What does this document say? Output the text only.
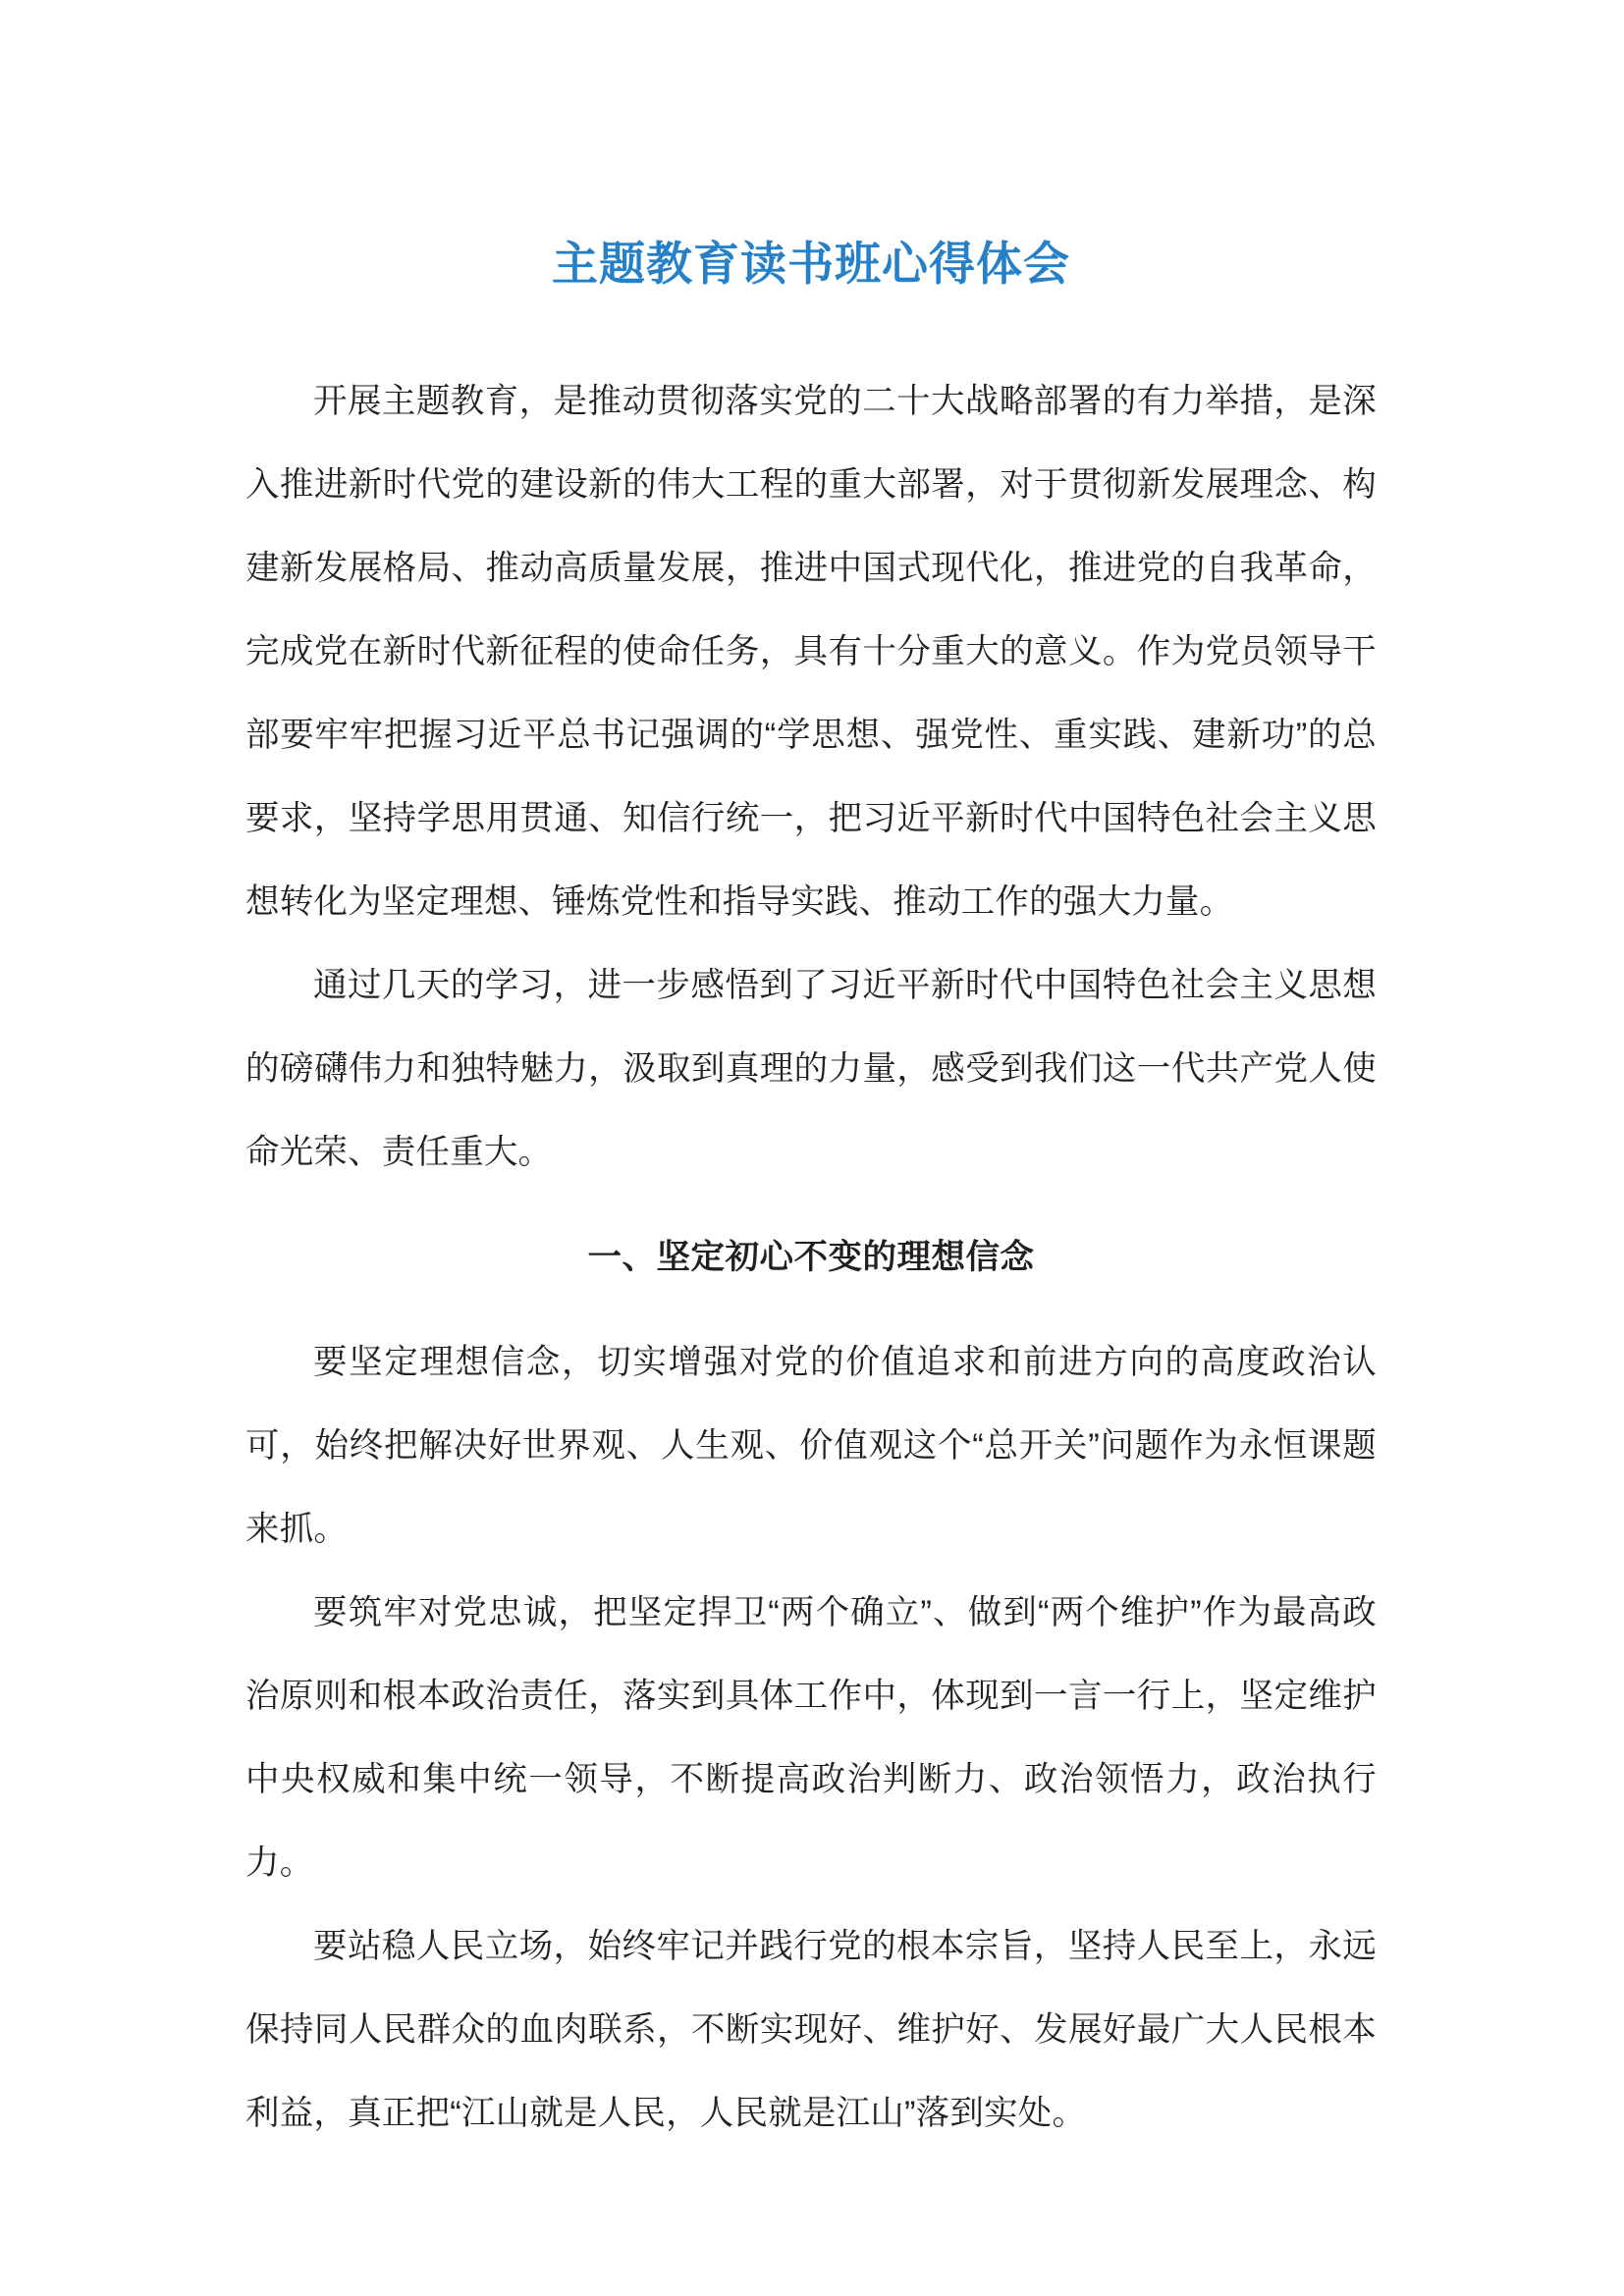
主题教育读书班心得体会

开展主题教育，是推动贯彻落实党的二十大战略部署的有力举措，是深入推进新时代党的建设新的伟大工程的重大部署，对于贯彻新发展理念、构建新发展格局、推动高质量发展，推进中国式现代化，推进党的自我革命，完成党在新时代新征程的使命任务，具有十分重大的意义。作为党员领导干部要牢牢把握习近平总书记强调的“学思想、强党性、重实践、建新功”的总要求，坚持学思用贯通、知信行统一，把习近平新时代中国特色社会主义思想转化为坚定理想、锤炼党性和指导实践、推动工作的强大力量。

通过几天的学习，进一步感悟到了习近平新时代中国特色社会主义思想的磅礴伟力和独特魅力，汲取到真理的力量，感受到我们这一代共产党人使命光荣、责任重大。

一、坚定初心不变的理想信念

要坚定理想信念，切实增强对党的价值追求和前进方向的高度政治认可，始终把解决好世界观、人生观、价值观这个“总开关”问题作为永恒课题来抓。

要筑牢对党忠诚，把坚定捍卫“两个确立”、做到“两个维护”作为最高政治原则和根本政治责任，落实到具体工作中，体现到一言一行上，坚定维护中央权威和集中统一领导，不断提高政治判断力、政治领悟力，政治执行力。

要站稳人民立场，始终牢记并践行党的根本宗旨，坚持人民至上，永远保持同人民群众的血肉联系，不断实现好、维护好、发展好最广大人民根本利益，真正把“江山就是人民，人民就是江山”落到实处。
